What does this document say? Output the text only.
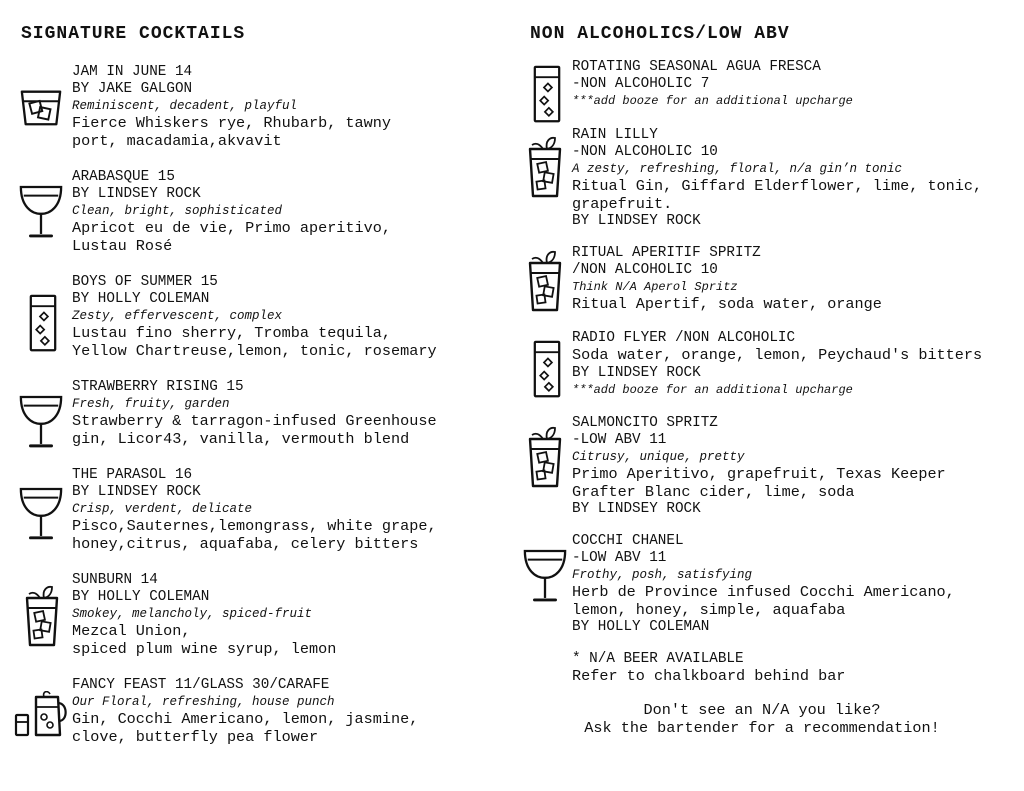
SIGNATURE COCKTAILS
JAM IN JUNE 14
BY JAKE GALGON
Reminiscent, decadent, playful
Fierce Whiskers rye, Rhubarb, tawny
port, macadamia,akvavit
ARABASQUE 15
BY LINDSEY ROCK
Clean, bright, sophisticated
Apricot eu de vie, Primo aperitivo,
Lustau Rosé
BOYS OF SUMMER 15
BY HOLLY COLEMAN
Zesty, effervescent, complex
Lustau fino sherry, Tromba tequila,
Yellow Chartreuse,lemon, tonic, rosemary
STRAWBERRY RISING 15
Fresh, fruity, garden
Strawberry & tarragon-infused Greenhouse
gin, Licor43, vanilla, vermouth blend
THE PARASOL 16
BY LINDSEY ROCK
Crisp, verdent, delicate
Pisco,Sauternes,lemongrass, white grape,
honey,citrus, aquafaba, celery bitters
SUNBURN 14
BY HOLLY COLEMAN
Smokey, melancholy, spiced-fruit
Mezcal Union,
spiced plum wine syrup, lemon
FANCY FEAST 11/GLASS 30/CARAFE
Our Floral, refreshing, house punch
Gin, Cocchi Americano, lemon, jasmine,
clove, butterfly pea flower
NON ALCOHOLICS/LOW ABV
ROTATING SEASONAL AGUA FRESCA
-NON ALCOHOLIC 7
***add booze for an additional upcharge
RAIN LILLY
-NON ALCOHOLIC 10
A zesty, refreshing, floral, n/a gin’n tonic
Ritual Gin, Giffard Elderflower, lime, tonic,
grapefruit.
BY LINDSEY ROCK
RITUAL APERITIF SPRITZ
/NON ALCOHOLIC 10
Think N/A Aperol Spritz
Ritual Apertif, soda water, orange
RADIO FLYER /NON ALCOHOLIC
Soda water, orange, lemon, Peychaud's bitters
BY LINDSEY ROCK
***add booze for an additional upcharge
SALMONCITO SPRITZ
-LOW ABV 11
Citrusy, unique, pretty
Primo Aperitivo, grapefruit, Texas Keeper
Grafter Blanc cider, lime, soda
BY LINDSEY ROCK
COCCHI CHANEL
-LOW ABV 11
Frothy, posh, satisfying
Herb de Province infused Cocchi Americano,
lemon, honey, simple, aquafaba
BY HOLLY COLEMAN
* N/A BEER AVAILABLE
Refer to chalkboard behind bar
Don't see an N/A you like?
Ask the bartender for a recommendation!
